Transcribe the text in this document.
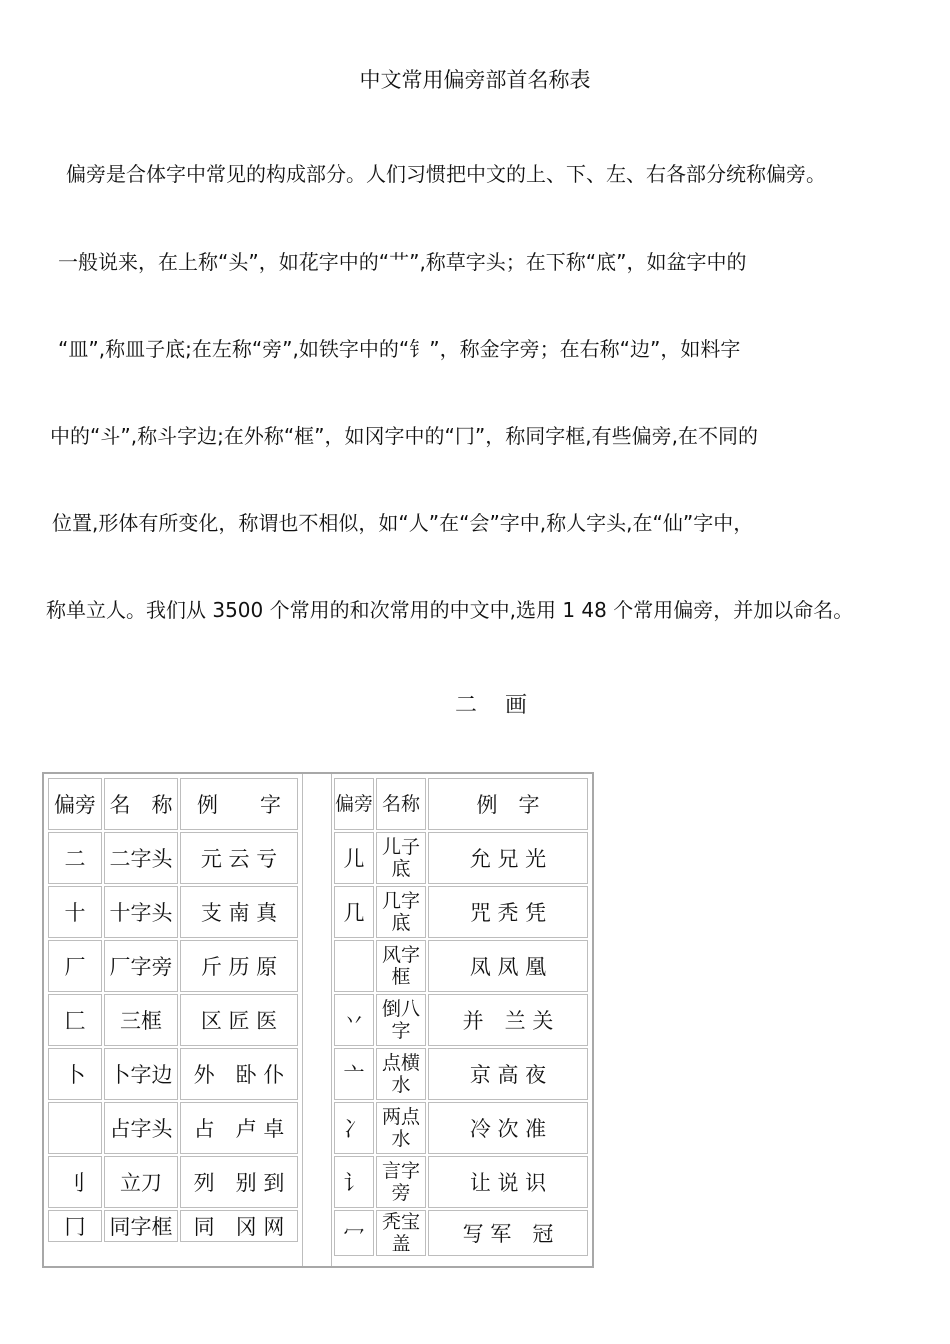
中文常用偏旁部首名称表
偏旁是合体字中常见的构成部分。人们习惯把中文的上、下、左、右各部分统称偏旁。
一般说来，在上称“头”，如花字中的“艹”,称草字头；在下称“底”，如盆字中的
“皿”,称皿子底;在左称“旁”,如铁字中的“钅”，称金字旁；在右称“边”，如料字
中的“斗”,称斗字边;在外称“框”，如冈字中的“冂”，称同字框,有些偏旁,在不同的
位置,形体有所变化，称谓也不相似，如“人”在“会”字中,称人字头,在“仙”字中，
称单立人。我们从 3500 个常用的和次常用的中文中,选用 1 48 个常用偏旁，并加以命名。
二画
偏旁	名　称	例　　字
二	二字头	元 云 亏
十	十字头	支 南 真
厂	厂字旁	斤 历 原
匚	三框	区 匠 医
卜	卜字边	外　卧 仆
	占字头	占　卢 卓
刂	立刀	列　别 到
冂	同字框	同　冈 网
偏旁	名称	例　字
儿	儿子底	允 兄 光
几	几字底	咒 秃 凭
	风字框	凤 凤 凰
丷	倒八字	并　兰 关
亠	点横水	京 高 夜
冫	两点水	冷 次 准
讠	言字旁	让 说 识
冖	秃宝盖	写 军　冠
